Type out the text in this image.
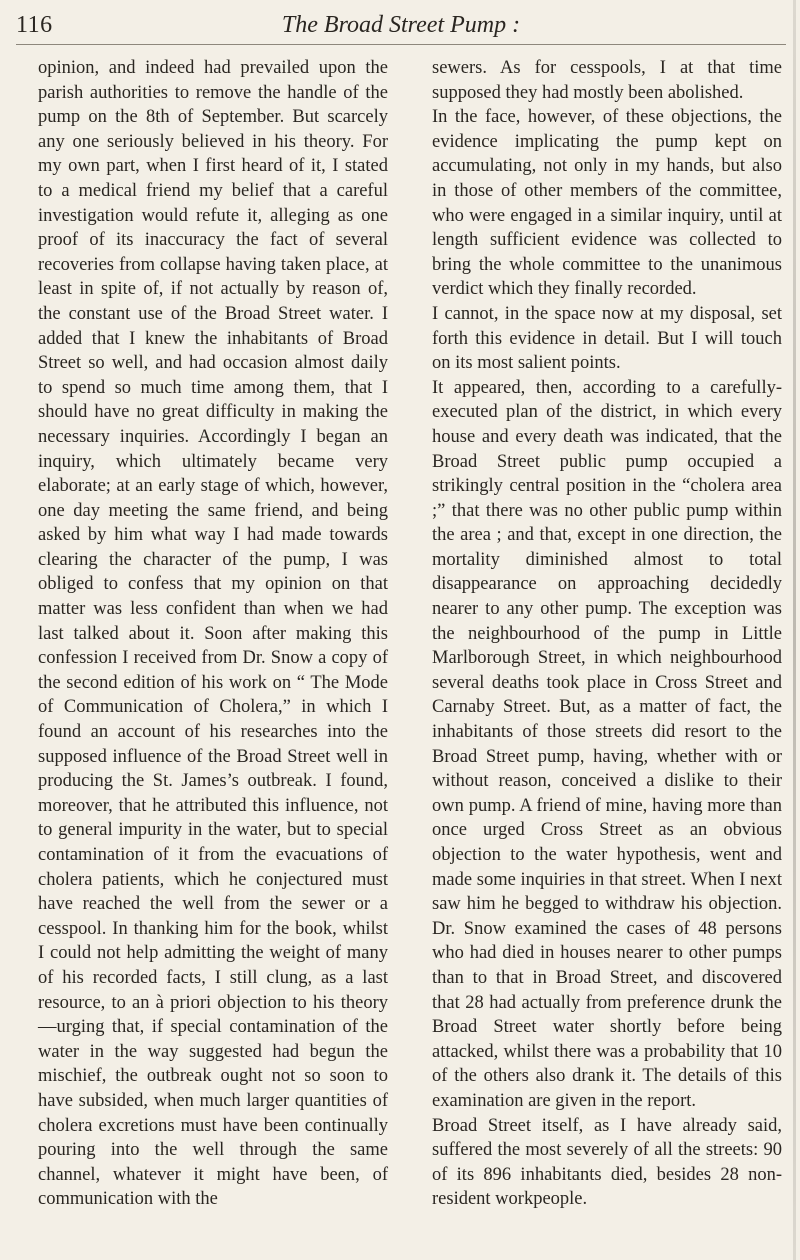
116	The Broad Street Pump :

opinion, and indeed had prevailed upon the parish authorities to remove the handle of the pump on the 8th of September. But scarcely any one seriously believed in his theory. For my own part, when I first heard of it, I stated to a medical friend my belief that a careful investigation would refute it, alleging as one proof of its inaccuracy the fact of several recoveries from collapse having taken place, at least in spite of, if not actually by reason of, the constant use of the Broad Street water. I added that I knew the inhabitants of Broad Street so well, and had occasion almost daily to spend so much time among them, that I should have no great difficulty in making the necessary inquiries. Accordingly I began an inquiry, which ultimately became very elaborate; at an early stage of which, however, one day meeting the same friend, and being asked by him what way I had made towards clearing the character of the pump, I was obliged to confess that my opinion on that matter was less confident than when we had last talked about it. Soon after making this confession I received from Dr. Snow a copy of the second edition of his work on “ The Mode of Communication of Cholera,” in which I found an account of his researches into the supposed influence of the Broad Street well in producing the St. James’s outbreak. I found, moreover, that he attributed this influence, not to general impurity in the water, but to special contamination of it from the evacuations of cholera patients, which he conjectured must have reached the well from the sewer or a cesspool. In thanking him for the book, whilst I could not help admitting the weight of many of his recorded facts, I still clung, as a last resource, to an à priori objection to his theory—urging that, if special contamination of the water in the way suggested had begun the mischief, the outbreak ought not so soon to have subsided, when much larger quantities of cholera excretions must have been continually pouring into the well through the same channel, whatever it might have been, of communication with the

sewers. As for cesspools, I at that time supposed they had mostly been abolished.

In the face, however, of these objections, the evidence implicating the pump kept on accumulating, not only in my hands, but also in those of other members of the committee, who were engaged in a similar inquiry, until at length sufficient evidence was collected to bring the whole committee to the unanimous verdict which they finally recorded.

I cannot, in the space now at my disposal, set forth this evidence in detail. But I will touch on its most salient points.

It appeared, then, according to a carefully-executed plan of the district, in which every house and every death was indicated, that the Broad Street public pump occupied a strikingly central position in the “cholera area ;” that there was no other public pump within the area ; and that, except in one direction, the mortality diminished almost to total disappearance on approaching decidedly nearer to any other pump. The exception was the neighbourhood of the pump in Little Marlborough Street, in which neighbourhood several deaths took place in Cross Street and Carnaby Street. But, as a matter of fact, the inhabitants of those streets did resort to the Broad Street pump, having, whether with or without reason, conceived a dislike to their own pump. A friend of mine, having more than once urged Cross Street as an obvious objection to the water hypothesis, went and made some inquiries in that street. When I next saw him he begged to withdraw his objection. Dr. Snow examined the cases of 48 persons who had died in houses nearer to other pumps than to that in Broad Street, and discovered that 28 had actually from preference drunk the Broad Street water shortly before being attacked, whilst there was a probability that 10 of the others also drank it. The details of this examination are given in the report.

Broad Street itself, as I have already said, suffered the most severely of all the streets: 90 of its 896 inhabitants died, besides 28 non-resident workpeople.
